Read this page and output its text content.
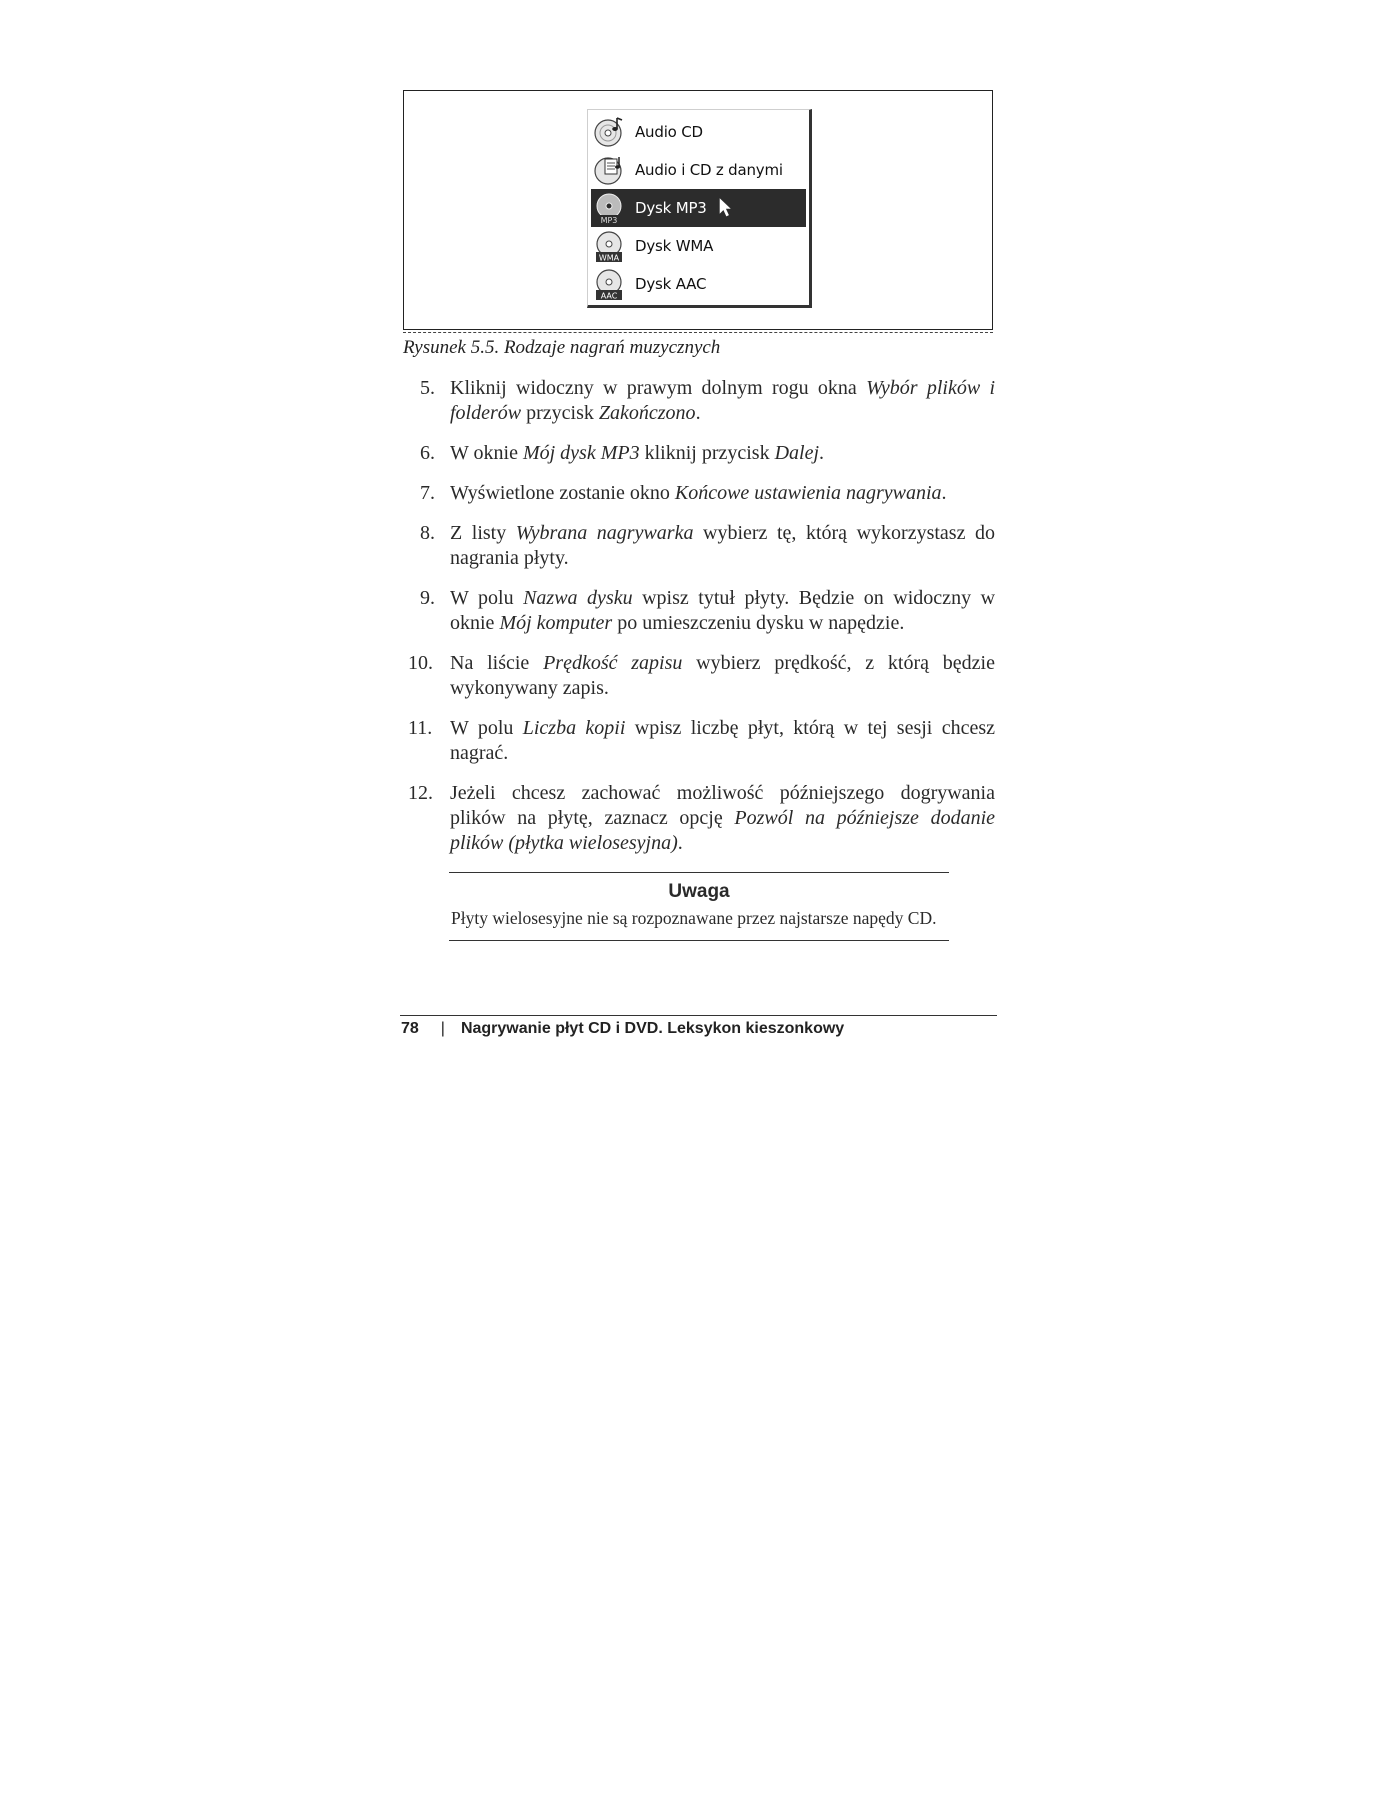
Audio CD
Audio i CD z danymi
MP3
Dysk MP3
WMA
Dysk WMA
AAC
Dysk AAC
Rysunek 5.5. Rodzaje nagrań muzycznych
5. Kliknij widoczny w prawym dolnym rogu okna Wybór plików i folderów przycisk Zakończono.
6. W oknie Mój dysk MP3 kliknij przycisk Dalej.
7. Wyświetlone zostanie okno Końcowe ustawienia nagrywania.
8. Z listy Wybrana nagrywarka wybierz tę, którą wykorzystasz do nagrania płyty.
9. W polu Nazwa dysku wpisz tytuł płyty. Będzie on widoczny w oknie Mój komputer po umieszczeniu dysku w napędzie.
10. Na liście Prędkość zapisu wybierz prędkość, z którą będzie wykonywany zapis.
11. W polu Liczba kopii wpisz liczbę płyt, którą w tej sesji chcesz nagrać.
12. Jeżeli chcesz zachować możliwość późniejszego dogrywania plików na płytę, zaznacz opcję Pozwól na późniejsze dodanie plików (płytka wielosesyjna).
Uwaga
Płyty wielosesyjne nie są rozpoznawane przez najstarsze napędy CD.
78 | Nagrywanie płyt CD i DVD. Leksykon kieszonkowy
